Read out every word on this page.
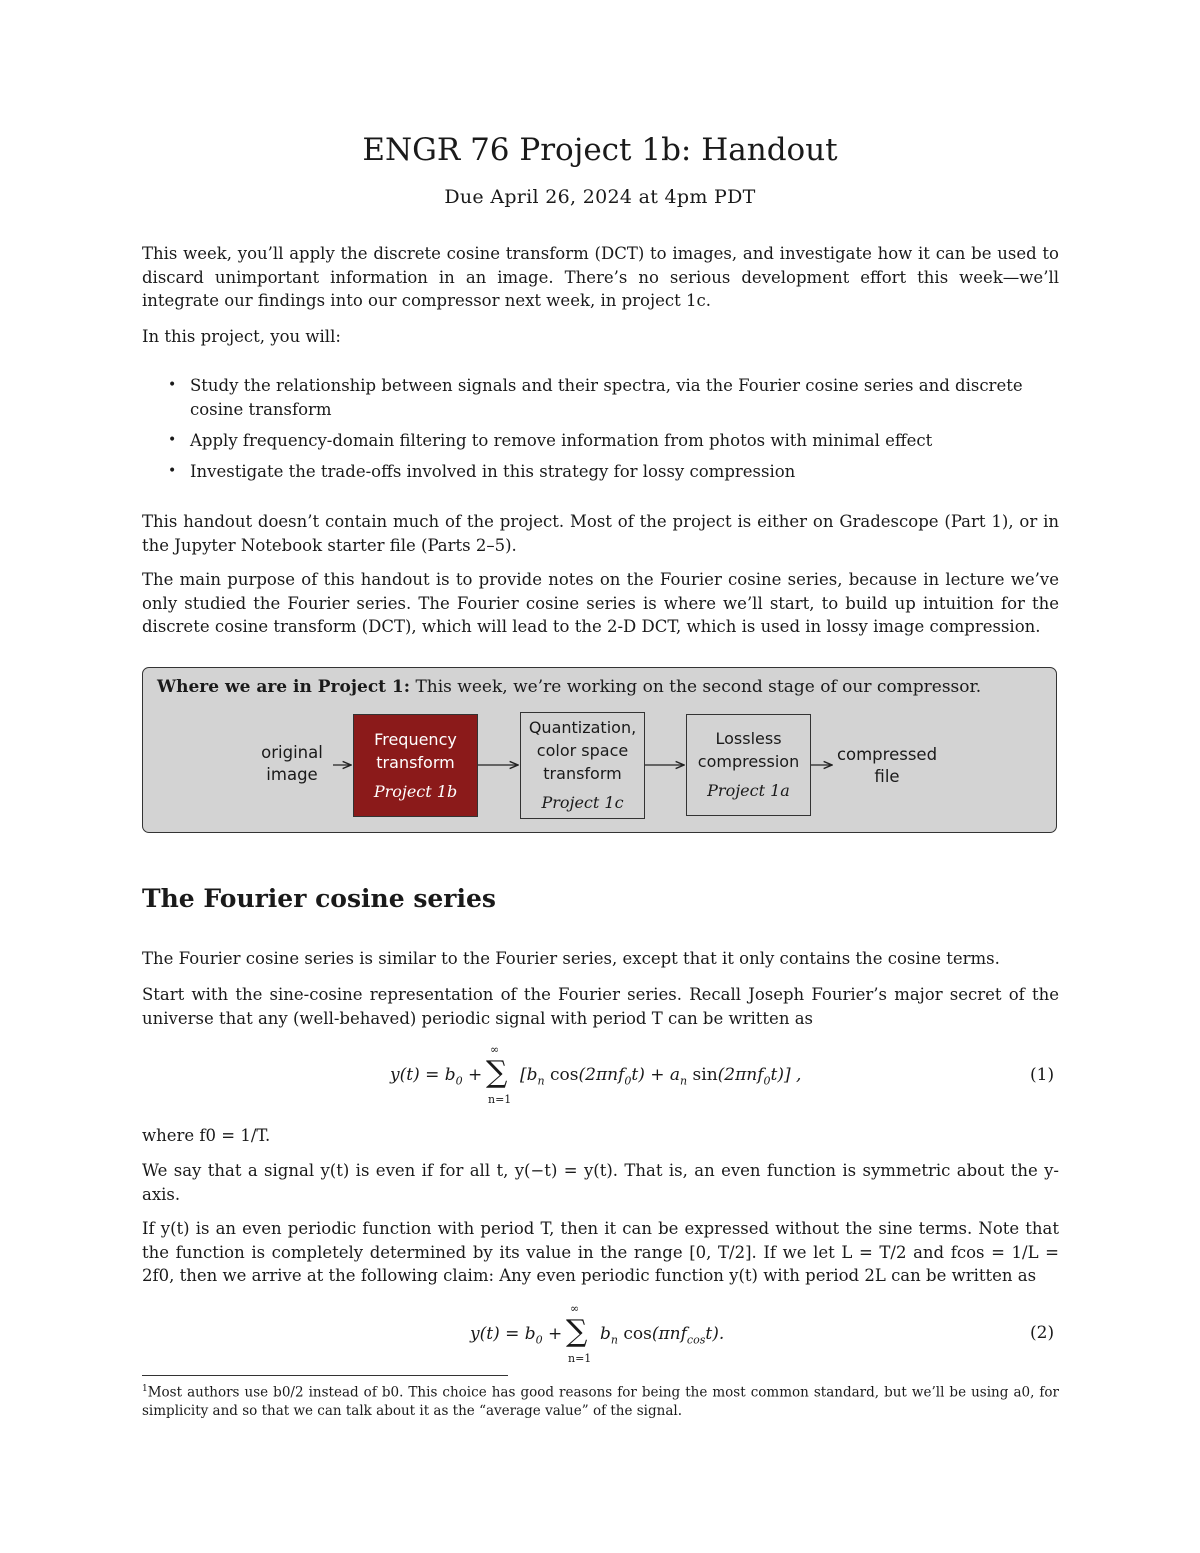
ENGR 76 Project 1b: Handout
Due April 26, 2024 at 4pm PDT
This week, you’ll apply the discrete cosine transform (DCT) to images, and investigate how it can be used to discard unimportant information in an image. There’s no serious development effort this week—we’ll integrate our findings into our compressor next week, in project 1c.
In this project, you will:
• Study the relationship between signals and their spectra, via the Fourier cosine series and discrete cosine transform
• Apply frequency-domain filtering to remove information from photos with minimal effect
• Investigate the trade-offs involved in this strategy for lossy compression
This handout doesn’t contain much of the project. Most of the project is either on Gradescope (Part 1), or in the Jupyter Notebook starter file (Parts 2–5).
The main purpose of this handout is to provide notes on the Fourier cosine series, because in lecture we’ve only studied the Fourier series. The Fourier cosine series is where we’ll start, to build up intuition for the discrete cosine transform (DCT), which will lead to the 2-D DCT, which is used in lossy image compression.
Where we are in Project 1: This week, we’re working on the second stage of our compressor.
original
image
Frequency
transform
Project 1b
Quantization,
color space
transform
Project 1c
Lossless
compression
Project 1a
compressed
file
The Fourier cosine series
The Fourier cosine series is similar to the Fourier series, except that it only contains the cosine terms.
Start with the sine-cosine representation of the Fourier series. Recall Joseph Fourier’s major secret of the universe that any (well-behaved) periodic signal with period T can be written as
$y(t) = b_0$ + ∑
∞
n=1
[$b_n$ $\cos(2\pi nf_0t) + a_n$ sin(2πnf$_0$t)] ,	(1)
where f0 = 1/T.
We say that a signal y(t) is even if for all t, y(−t) = y(t). That is, an even function is symmetric about the y-axis.
If y(t) is an even periodic function with period T, then it can be expressed without the sine terms. Note that the function is completely determined by its value in the range [0, T/2]. If we let L = T/2 and fcos = 1/L = 2f0, then we arrive at the following claim: Any even periodic function y(t) with period 2L can be written as
$y(t) = b_0$ + ∑
∞
n=1
$b_n$ cos(πnf$_{cos}$t).	(2)
$^1$Most authors use b0/2 instead of b0. This choice has good reasons for being the most common standard, but we’ll be using a0, for simplicity and so that we can talk about it as the “average value” of the signal.
